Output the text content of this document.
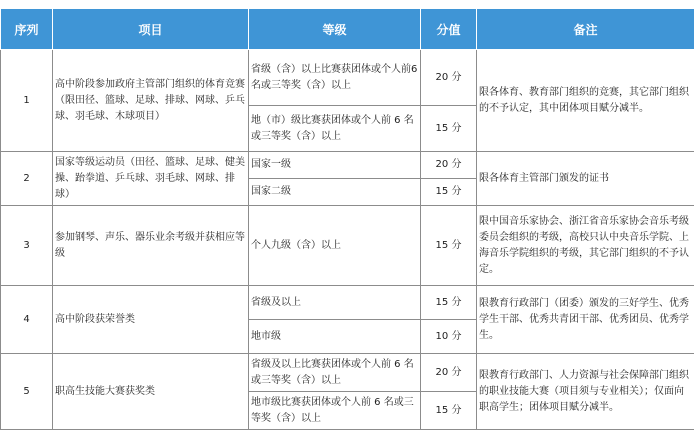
序列	项目	等级	分值	备注
1	高中阶段参加政府主管部门组织的体育竞赛（限田径、篮球、足球、排球、网球、乒乓球、羽毛球、木球项目）	省级（含）以上比赛获团体或个人前6名或三等奖（含）以上	20 分	限各体育、教育部门组织的竞赛，其它部门组织的不予认定，其中团体项目赋分减半。
		地（市）级比赛获团体或个人前 6 名或三等奖（含）以上	15 分	
2	国家等级运动员（田径、篮球、足球、健美操、跆拳道、乒乓球、羽毛球、网球、排球）	国家一级	20 分	限各体育主管部门颁发的证书
		国家二级	15 分	
3	参加钢琴、声乐、器乐业余考级并获相应等级	个人九级（含）以上	15 分	限中国音乐家协会、浙江省音乐家协会音乐考级委员会组织的考级，高校只认中央音乐学院、上海音乐学院组织的考级，其它部门组织的不予认定。
4	高中阶段获荣誉类	省级及以上	15 分	限教育行政部门（团委）颁发的三好学生、优秀学生干部、优秀共青团干部、优秀团员、优秀学生。
		地市级	10 分	
5	职高生技能大赛获奖类	省级及以上比赛获团体或个人前 6 名或三等奖（含）以上	20 分	限教育行政部门、人力资源与社会保障部门组织的职业技能大赛（项目须与专业相关）；仅面向职高学生；团体项目赋分减半。
		地市级比赛获团体或个人前 6 名或三等奖（含）以上	15 分	
